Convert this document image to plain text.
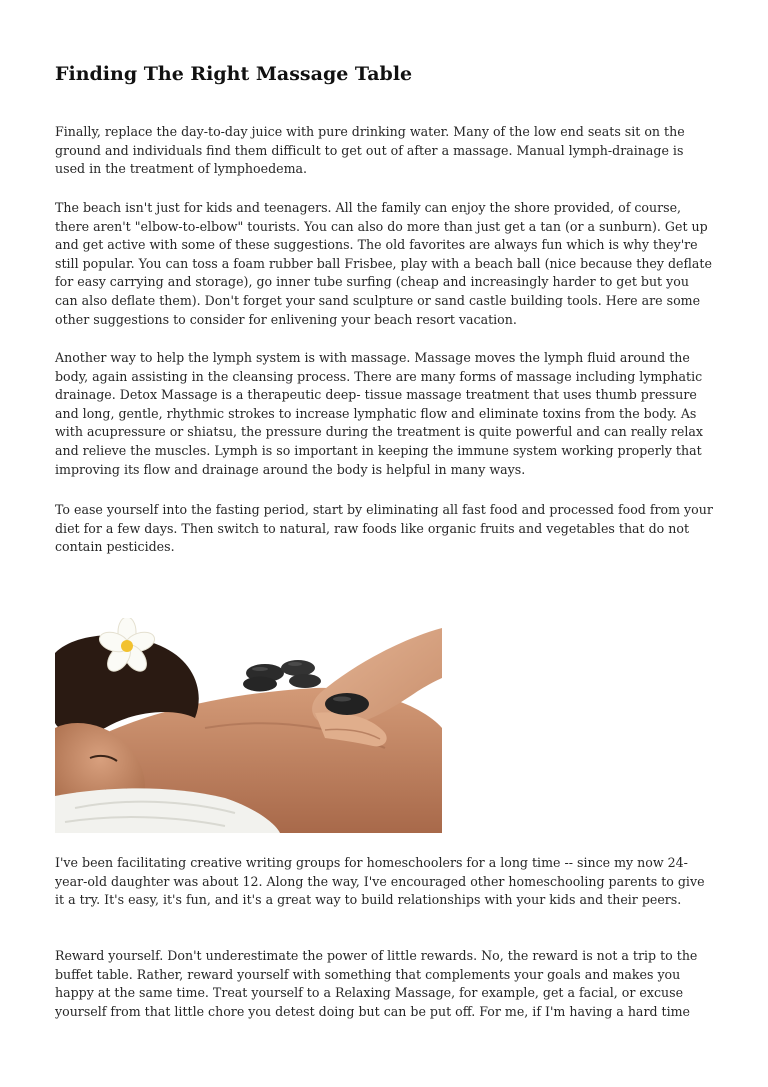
Finding The Right Massage Table

Finally, replace the day-to-day juice with pure drinking water. Many of the low end seats sit on the ground and individuals find them difficult to get out of after a massage. Manual lymph-drainage is used in the treatment of lymphoedema.

The beach isn't just for kids and teenagers. All the family can enjoy the shore provided, of course, there aren't "elbow-to-elbow" tourists. You can also do more than just get a tan (or a sunburn). Get up and get active with some of these suggestions. The old favorites are always fun which is why they're still popular. You can toss a foam rubber ball Frisbee, play with a beach ball (nice because they deflate for easy carrying and storage), go inner tube surfing (cheap and increasingly harder to get but you can also deflate them). Don't forget your sand sculpture or sand castle building tools. Here are some other suggestions to consider for enlivening your beach resort vacation.

Another way to help the lymph system is with massage. Massage moves the lymph fluid around the body, again assisting in the cleansing process. There are many forms of massage including lymphatic drainage. Detox Massage is a therapeutic deep- tissue massage treatment that uses thumb pressure and long, gentle, rhythmic strokes to increase lymphatic flow and eliminate toxins from the body. As with acupressure or shiatsu, the pressure during the treatment is quite powerful and can really relax and relieve the muscles. Lymph is so important in keeping the immune system working properly that improving its flow and drainage around the body is helpful in many ways.

To ease yourself into the fasting period, start by eliminating all fast food and processed food from your diet for a few days. Then switch to natural, raw foods like organic fruits and vegetables that do not contain pesticides.

I've been facilitating creative writing groups for homeschoolers for a long time -- since my now 24-year-old daughter was about 12. Along the way, I've encouraged other homeschooling parents to give it a try. It's easy, it's fun, and it's a great way to build relationships with your kids and their peers.

Reward yourself. Don't underestimate the power of little rewards. No, the reward is not a trip to the buffet table. Rather, reward yourself with something that complements your goals and makes you happy at the same time. Treat yourself to a Relaxing Massage, for example, get a facial, or excuse yourself from that little chore you detest doing but can be put off. For me, if I'm having a hard time
